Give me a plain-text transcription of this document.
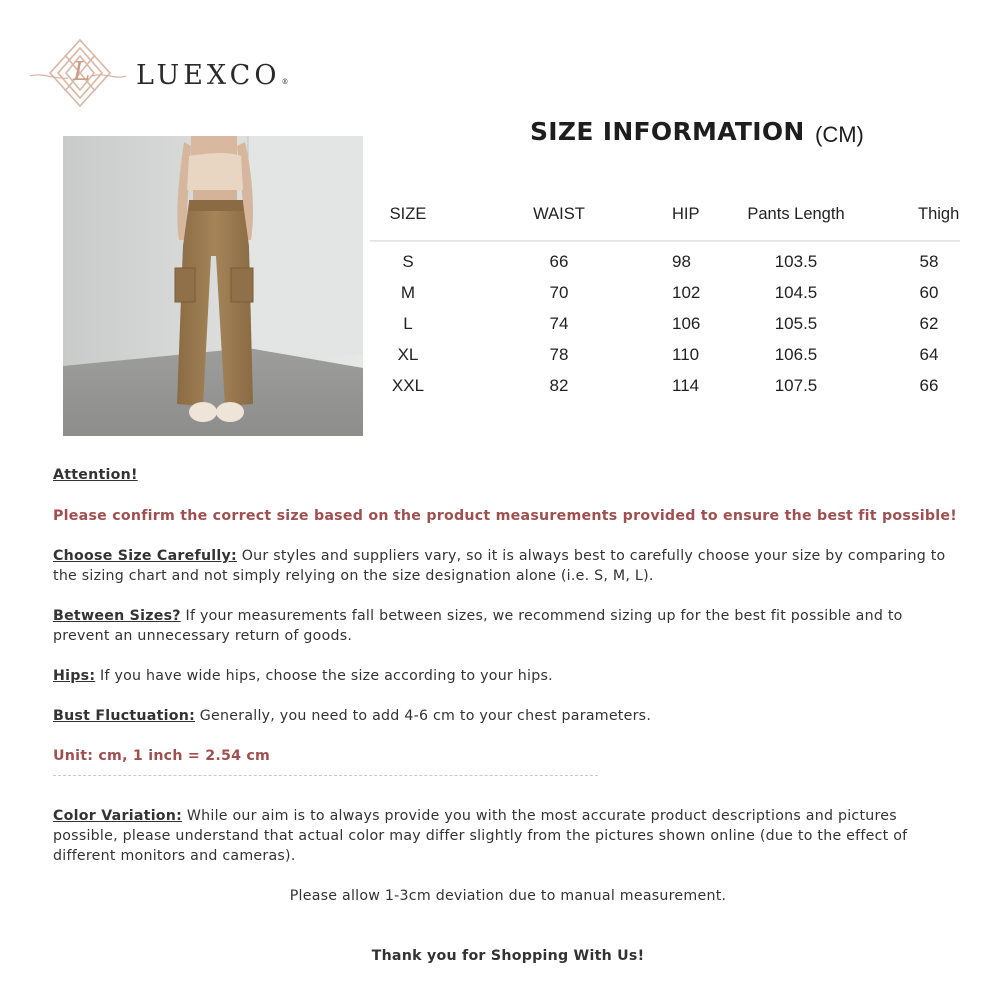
L LUEXCO®
SIZE INFORMATION (CM)
SIZE	WAIST	HIP	Pants Length	Thigh
S	66	98	103.5	58
M	70	102	104.5	60
L	74	106	105.5	62
XL	78	110	106.5	64
XXL	82	114	107.5	66
Attention!
Please confirm the correct size based on the product measurements provided to ensure the best fit possible!
Choose Size Carefully: Our styles and suppliers vary, so it is always best to carefully choose your size by comparing to the sizing chart and not simply relying on the size designation alone (i.e. S, M, L).
Between Sizes? If your measurements fall between sizes, we recommend sizing up for the best fit possible and to prevent an unnecessary return of goods.
Hips: If you have wide hips, choose the size according to your hips.
Bust Fluctuation: Generally, you need to add 4-6 cm to your chest parameters.
Unit: cm, 1 inch = 2.54 cm
Color Variation: While our aim is to always provide you with the most accurate product descriptions and pictures possible, please understand that actual color may differ slightly from the pictures shown online (due to the effect of different monitors and cameras).
Please allow 1-3cm deviation due to manual measurement.
Thank you for Shopping With Us!
